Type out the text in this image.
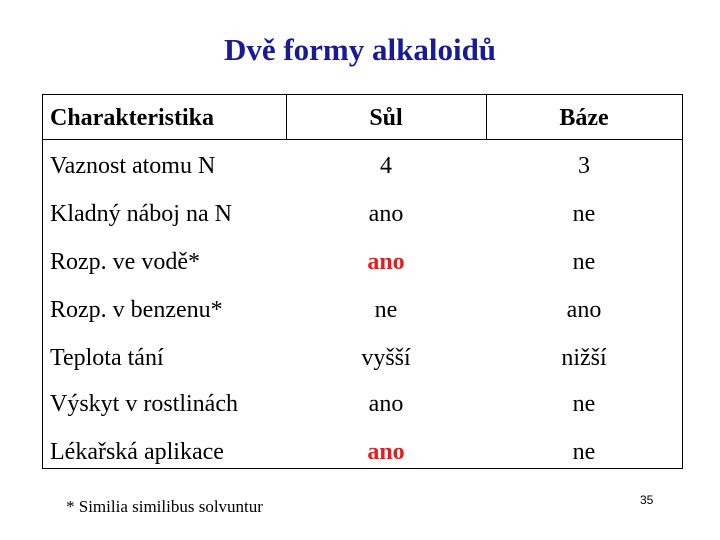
Dvě formy alkaloidů
Charakteristika	Sůl	Báze
Vaznost atomu N	4	3
Kladný náboj na N	ano	ne
Rozp. ve vodě*	ano	ne
Rozp. v benzenu*	ne	ano
Teplota tání	vyšší	nižší
Výskyt v rostlinách	ano	ne
Lékařská aplikace	ano	ne
* Similia similibus solvuntur	35
